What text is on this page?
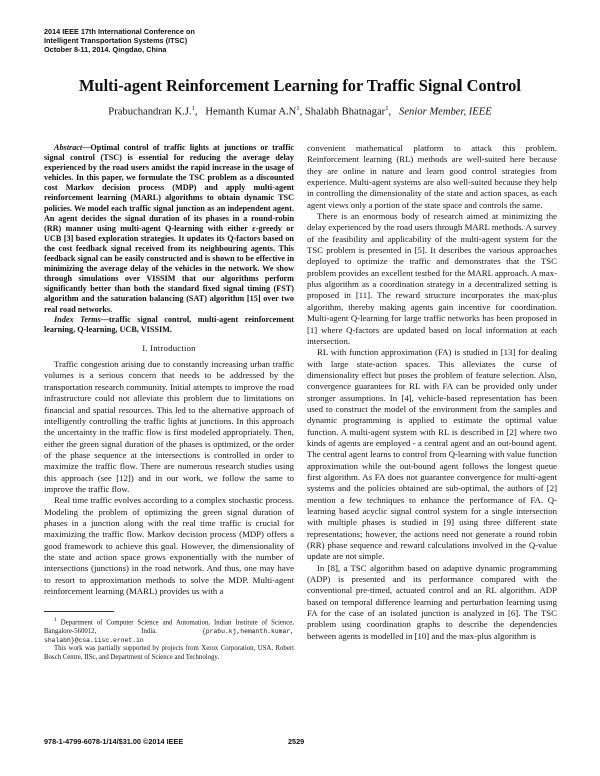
2014 IEEE 17th International Conference on
Intelligent Transportation Systems (ITSC)
October 8-11, 2014. Qingdao, China
Multi-agent Reinforcement Learning for Traffic Signal Control
Prabuchandran K.J.$^1$,   Hemanth Kumar $A.N^1$, Shalabh Bhatnagar$^1$,   Senior Member, IEEE

Abstract—Optimal control of traffic lights at junctions or traffic signal control (TSC) is essential for reducing the average delay experienced by the road users amidst the rapid increase in the usage of vehicles. In this paper, we formulate the TSC problem as a discounted cost Markov decision process (MDP) and apply multi-agent reinforcement learning (MARL) algorithms to obtain dynamic TSC policies. We model each traffic signal junction as an independent agent. An agent decides the signal duration of its phases in a round-robin (RR) manner using multi-agent Q-learning with either ε-greedy or UCB [3] based exploration strategies. It updates its Q-factors based on the cost feedback signal received from its neighbouring agents. This feedback signal can be easily constructed and is shown to be effective in minimizing the average delay of the vehicles in the network. We show through simulations over VISSIM that our algorithms perform significantly better than both the standard fixed signal timing (FST) algorithm and the saturation balancing (SAT) algorithm [15] over two real road networks.

Index Terms—traffic signal control, multi-agent reinforcement learning, Q-learning, UCB, VISSIM.

I. Introduction

Traffic congestion arising due to constantly increasing urban traffic volumes is a serious concern that needs to be addressed by the transportation research community. Initial attempts to improve the road infrastructure could not alleviate this problem due to limitations on financial and spatial resources. This led to the alternative approach of intelligently controlling the traffic lights at junctions. In this approach the uncertainty in the traffic flow is first modeled appropriately. Then, either the green signal duration of the phases is optimized, or the order of the phase sequence at the intersections is controlled in order to maximize the traffic flow. There are numerous research studies using this approach (see [12]) and in our work, we follow the same to improve the traffic flow.

Real time traffic evolves according to a complex stochastic process. Modeling the problem of optimizing the green signal duration of phases in a junction along with the real time traffic is crucial for maximizing the traffic flow. Markov decision process (MDP) offers a good framework to achieve this goal. However, the dimensionality of the state and action space grows exponentially with the number of intersections (junctions) in the road network. And thus, one may have to resort to approximation methods to solve the MDP. Multi-agent reinforcement learning (MARL) provides us with a

$^1$ Department of Computer Science and Automation, Indian Institute of Science, Bangalore-560012, India.	{prabu.kj,hemanth.kumar, shalabh}@csa.iisc.ernet.in

This work was partially supported by projects from Xerox Corporation, USA, Robert Bosch Centre, IISc, and Department of Science and Technology.

convenient mathematical platform to attack this problem. Reinforcement learning (RL) methods are well-suited here because they are online in nature and learn good control strategies from experience. Multi-agent systems are also well-suited because they help in controlling the dimensionality of the state and action spaces, as each agent views only a portion of the state space and controls the same.

There is an enormous body of research aimed at minimizing the delay experienced by the road users through MARL methods. A survey of the feasibility and applicability of the multi-agent system for the TSC problem is presented in [5]. It describes the various approaches deployed to optimize the traffic and demonstrates that the TSC problem provides an excellent testbed for the MARL approach. A max-plus algorithm as a coordination strategy in a decentralized setting is proposed in [11]. The reward structure incorporates the max-plus algorithm, thereby making agents gain incentive for coordination. Multi-agent Q-learning for large traffic networks has been proposed in [1] where Q-factors are updated based on local information at each intersection.

RL with function approximation (FA) is studied in [13] for dealing with large state-action spaces. This alleviates the curse of dimensionality effect but poses the problem of feature selection. Also, convergence guarantees for RL with FA can be provided only under stronger assumptions. In [4], vehicle-based representation has been used to construct the model of the environment from the samples and dynamic programming is applied to estimate the optimal value function. A multi-agent system with RL is described in [2] where two kinds of agents are employed - a central agent and an out-bound agent. The central agent learns to control from Q-learning with value function approximation while the out-bound agent follows the longest queue first algorithm. As FA does not guarantee convergence for multi-agent systems and the policies obtained are sub-optimal, the authors of [2] mention a few techniques to enhance the performance of FA. Q-learning based acyclic signal control system for a single intersection with multiple phases is studied in [9] using three different state representations; however, the actions need not generate a round robin (RR) phase sequence and reward calculations involved in the Q-value update are not simple.

In [8], a TSC algorithm based on adaptive dynamic programming (ADP) is presented and its performance compared with the conventional pre-timed, actuated control and an RL algorithm. ADP based on temporal difference learning and perturbation learning using FA for the case of an isolated junction is analyzed in [6]. The TSC problem using coordination graphs to describe the dependencies between agents is modelled in [10] and the max-plus algorithm is

978-1-4799-6078-1/14/$31.00 ©2014 IEEE	2529
